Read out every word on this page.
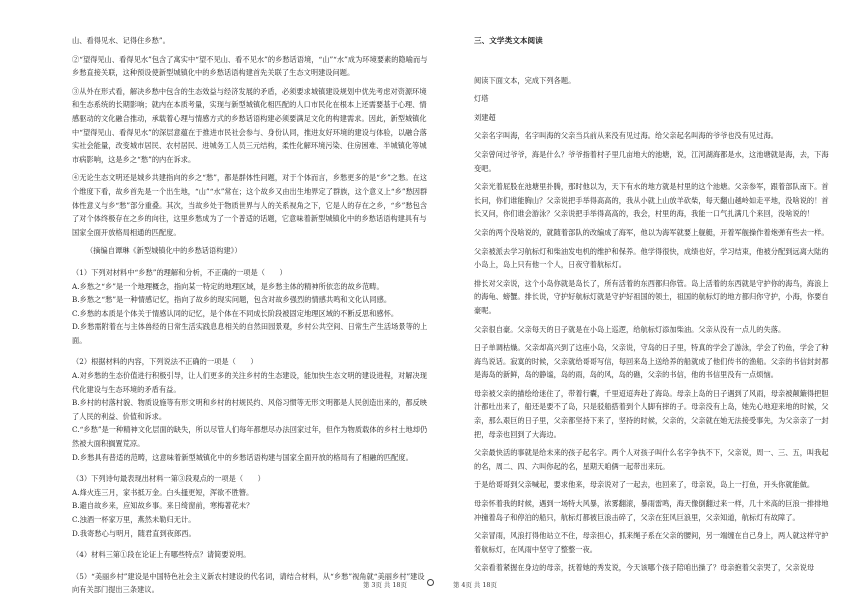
山、看得见水、记得住乡愁”。

②“望得见山、看得见水”包含了寓实中“望不见山、看不见水”的乡愁话语境，“山”“水”成为环境要素的隐喻而与乡愁直接关联，这种预设使新型城镇化中的乡愁话语构建首先关联了生态文明建设问题。

③从外在形式看，解决乡愁中包含的生态效益与经济发展的矛盾，必须要求城镇建设规划中优先考虑对资源环境和生态系统的长期影响；就内在本质考量，实现与新型城镇化相匹配的人口市民化在根本上还需要基于心理、情感驱动的文化融合推动，承载着心理与情感方式的乡愁话语构建必须要满足文化的构建需求。因此，新型城镇化中“望得见山、看得见水”的深层意蕴在于推进市民社会参与、身份认同，推进友好环境的建设与体验，以融合落实社会能量，改变城市居民、农村居民、进城务工人员三元结构，柔性化解环境污染、住房困难、半城镇化等城市病影响，这是乡之“愁”的内在诉求。

④无论生态文明还是城乡共建指向的乡之“愁”，都是群体性问题，对于个体而言，乡愁更多的是“乡”之愁。在这个维度下看，故乡首先是一个出生地，“山”“水”常在；这个故乡又由出生地界定了群族，这个意义上“乡”愁因群体性意义与乡“愁”部分重叠。其次，当故乡处于物质世界与人的关系视角之下，它是人的存在之乡，“乡”愁包含了对个体终极存在之乡的向往，这里乡愁成为了一个普适的话题，它意味着新型城镇化中的乡愁话语构建具有与国家全面开放格局相通的匹配度。

（摘编自谭琳《新型城镇化中的乡愁话语构建》）

（1）下列对材料中“乡愁”的理解和分析，不正确的一项是（　　）

A.乡愁之“乡”是一个地理概念，指向某一特定的地理区域，是乡愁主体的精神所依恋的故乡范畴。

B.乡愁之“愁”是一种情感记忆，指向了故乡的现实问题，包含对故乡强烈的情感共鸣和文化认同感。

C.乡愁的本质是个体关于情感认同的记忆，是个体在不同成长阶段被固定地理区域的不断反思和感怀。

D.乡愁需附着在与主体兽经的日常生活实践息息相关的自然田园景观，乡村公共空间、日常生产生活场景等的上面。

（2）根据材料的内容，下列说法不正确的一项是（　　）

A.对乡愁的生态价值进行积极引导，让人们更多的关注乡村的生态建设，能加快生态文明的建设进程，对解决现代化建设与生态环境的矛盾有益。

B.乡村的村落村貌、物质设施等有形文明和乡村的村规民约、风俗习惯等无形文明都是人民创造出来的，都反映了人民的利益、价值和诉求。

C.“乡愁”是一种精神文化层面的缺失，所以尽管人们每年都想尽办法回家过年，但作为物质载体的乡村土地却仍然被大面积搁置荒凉。

D.乡愁具有普适的范畴，这意味着新型城镇化中的乡愁话语构建与国家全面开放的格局有了相融的匹配度。

（3）下列诗句最表现出材料一第③段观点的一项是（　　）

A.烽火连三月，家书抵万金。白头搔更短，浑欲不胜簪。

B.避自故乡来，应知故乡事。来日绮窗前，寒梅著花未？

C.浊酒一杯家万里，燕然未勒归无计。

D.我寄愁心与明月，随君直到夜郎西。

（4）材料三第①段在论证上有哪些特点？请简要说明。

（5）“美丽乡村”建设是中国特色社会主义新农村建设的代名词，请结合材料，从“乡愁”视角就“美丽乡村”建设向有关部门提出三条建议。

三、文学类文本阅读

阅读下面文本，完成下列各题。

灯塔

刘建超

父亲名字叫海，名字叫海的父亲当兵前从来没有见过海。给父亲起名叫海的爷爷也没有见过海。

父亲曾问过爷爷，海是什么？爷爷指着村子里几亩地大的池塘，说，江河湖海都是水，这池塘就是海，去，下海变吧。

父亲光着屁股在池塘里扑腾，那时他以为，天下有水的地方就是村里的这个池塘。父亲参军，跟着部队南下。首长问，你们谁能胸山？父亲说把手举得高高的，我从小就上山放羊砍柴，每天翻山越岭如走平地，没啥说的！首长又问，你们谁会游泳？父亲说把手举得高高的，我会，村里的海，我能一口气扎满几个来回，没啥说的！

父亲的两个没啥说的，就随着部队的改编成了海军，他以为海军就要上舰艇，开着军舰操作着炮弹有些去一样。

父亲被派去学习航标灯和柴油发电机的维护和保养。他学得很快，成绩也好，学习结束，他被分配到远离大陆的小岛上，岛上只有他一个人，日夜守着航标灯。

排长对父亲说，这个小岛你就是岛长了，所有活着的东西都归你管。岛上活着的东西就是守护你的海鸟，海浪上的海龟、螃蟹。排长说，守护好航标灯就是守护好祖国的领土，祖国的航标灯的地方都归你守护，小海，你要自豪呢。

父亲很自豪。父亲每天的日子就是在小岛上巡逻，给航标灯添加柴油。父亲从没有一点儿的失落。

日子单调枯燥。父亲却高兴到了这座小岛，父亲说，守岛的日子里，特真的学会了游泳，学会了钓鱼，学会了种海鸟说话。寂寞的时候，父亲就给哥哥写信，每回来岛上送给养的船就成了他们传书的渔船。父亲的书信封封都是海岛的新鲜，岛的静谧，岛的雨，岛的风，岛的礁，父亲的书信，他的书信里没有一点烦恼。

母亲被父亲的描绘给迷住了，带着行囊，千里迢迢奔赴了海岛。母亲上岛的日子遇到了风雨，母亲被颠簸得把胆汁都吐出来了，船还是要不了岛，只是驳船搭着到个人脚有摔的子。母亲没有上岛，她先心地迎来地的时候，父亲，那么艰巨的日子里，父亲都坚持下来了，坚持的时候，父亲的，父亲就在她无法接受事先，为父亲亲了一封把，母亲也回到了大海边。

父亲最快活的事就是给未来的孩子起名字。两个人对孩子叫什么名字争执不下，父亲说，周一、三、五，叫我起的名，周二、四、六叫你起的名，星期天咱俩一起带出来玩。

于是给哥哥到父亲喊起，要求他来，母亲说对了一起去，也回来了，母亲说，岛上一打鱼，开头你就能做。

母亲怀着我的时候，遇到一场特大风暴，浓雾翻滚，暴雨雷鸣，海天像倒翻过来一样，几十米高的巨浪一排排地冲撞着岛子和停泊的船只，航标灯都被巨浪击碎了，父亲在狂风巨浪里，父亲知道，航标灯有故障了。

父亲冒雨，风浪打得他站立不住，母亲担心，抓来绳子系在父亲的腰间，另一端缠在自己身上，两人就这样守护着航标灯，在风雨中坚守了整整一夜。

父亲看着紧握在身边的母亲，抚着她的秀发说，今天该哪个孩子陪咱出操了？母亲抱着父亲哭了，父亲说母

第 3页 共 18页	第 4页 共 18页
